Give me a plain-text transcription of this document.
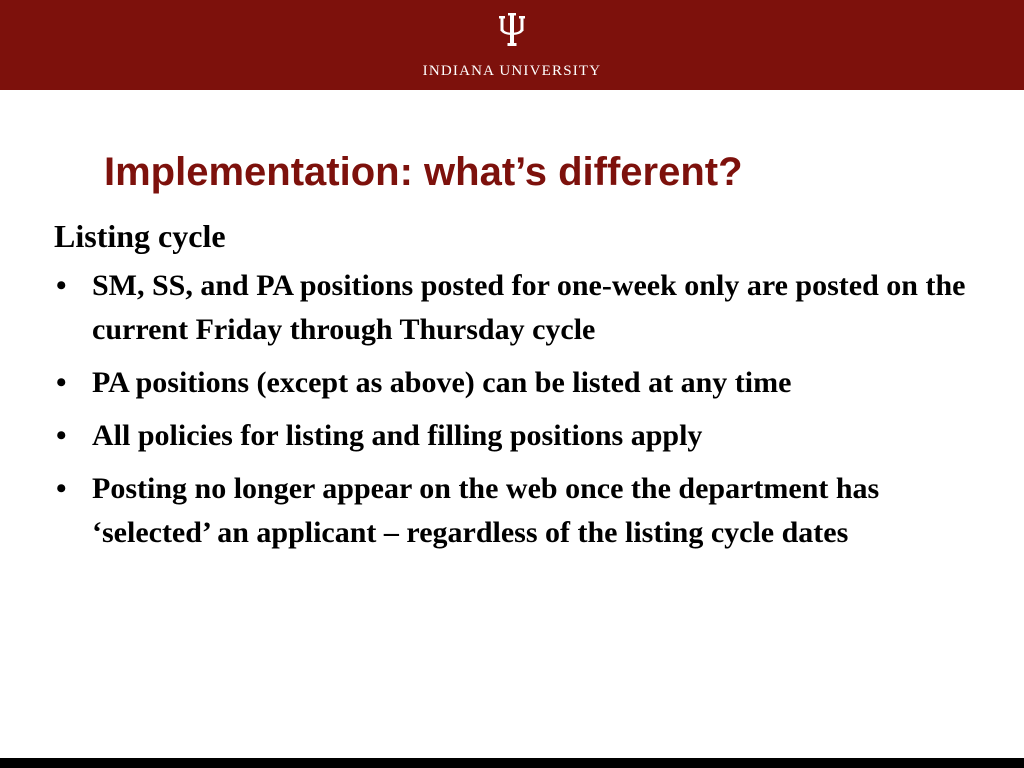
INDIANA UNIVERSITY
Implementation: what’s different?
Listing cycle
• SM, SS, and PA positions posted for one-week only are posted on the current Friday through Thursday cycle
• PA positions (except as above) can be listed at any time
• All policies for listing and filling positions apply
• Posting no longer appear on the web once the department has ‘selected’ an applicant – regardless of the listing cycle dates
